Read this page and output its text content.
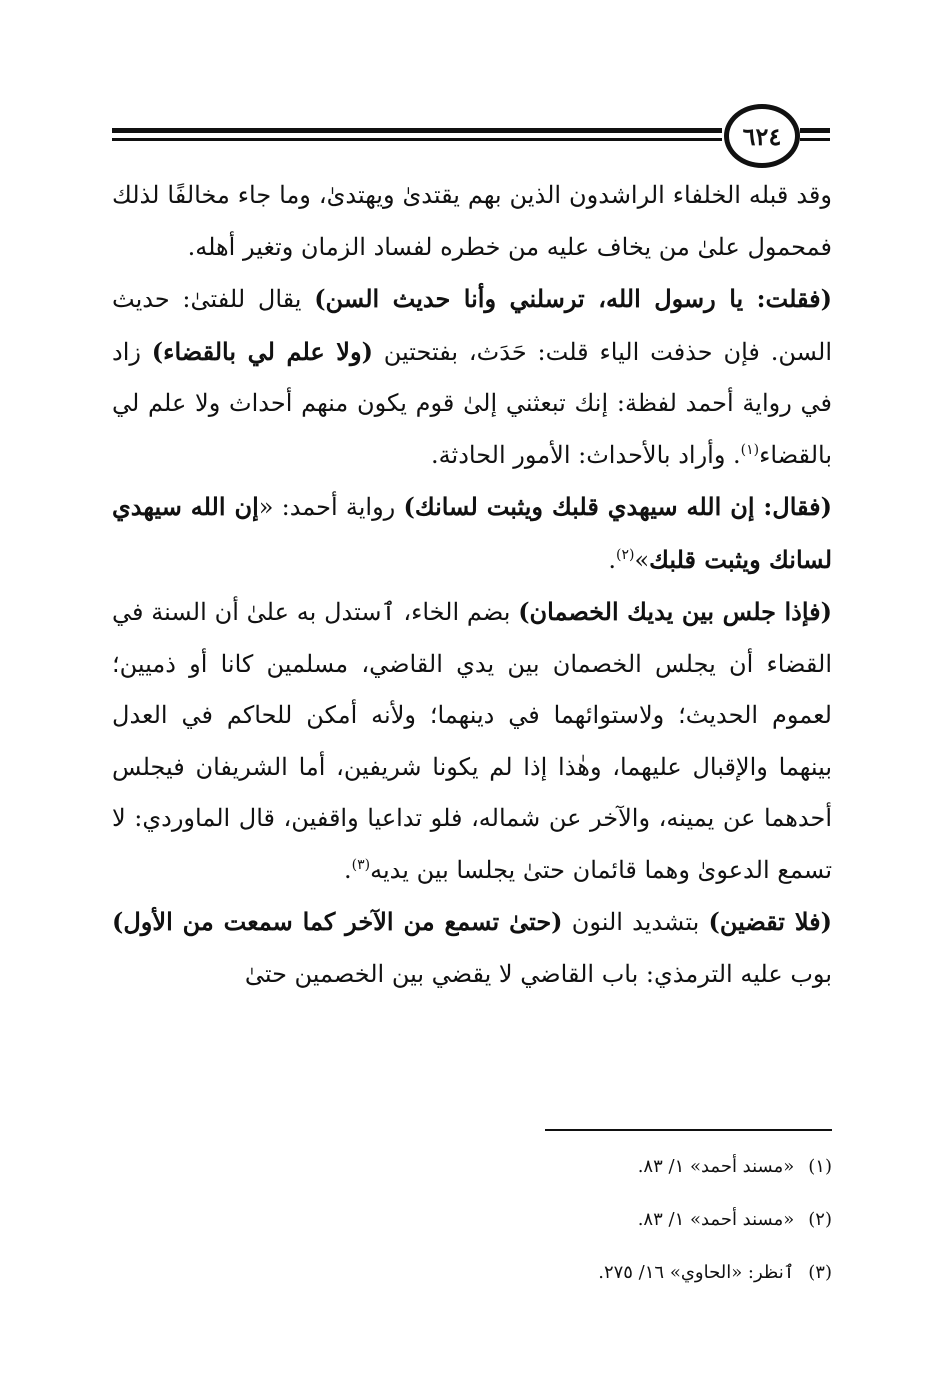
٦٢٤

وقد قبله الخلفاء الراشدون الذين بهم يقتدىٰ ويهتدىٰ، وما جاء مخالفًا لذلك فمحمول علىٰ من يخاف عليه من خطره لفساد الزمان وتغير أهله.

(فقلت: يا رسول الله، ترسلني وأنا حديث السن) يقال للفتىٰ: حديث السن. فإن حذفت الياء قلت: حَدَث، بفتحتين (ولا علم لي بالقضاء) زاد في رواية أحمد لفظة: إنك تبعثني إلىٰ قوم يكون منهم أحداث ولا علم لي بالقضاء$^{(١)}$. وأراد بالأحداث: الأمور الحادثة.

(فقال: إن الله سيهدي قلبك ويثبت لسانك) رواية أحمد: «إن الله سيهدي لسانك ويثبت قلبك»$^{(٢)}$.

(فإذا جلس بين يديك الخصمان) بضم الخاء، ٱستدل به علىٰ أن السنة في القضاء أن يجلس الخصمان بين يدي القاضي، مسلمين كانا أو ذميين؛ لعموم الحديث؛ ولاستوائهما في دينهما؛ ولأنه أمكن للحاكم في العدل بينهما والإقبال عليهما، وهٰذا إذا لم يكونا شريفين، أما الشريفان فيجلس أحدهما عن يمينه، والآخر عن شماله، فلو تداعيا واقفين، قال الماوردي: لا تسمع الدعوىٰ وهما قائمان حتىٰ يجلسا بين يديه$^{(٣)}$.

(فلا تقضين) بتشديد النون (حتىٰ تسمع من الآخر كما سمعت من الأول) بوب عليه الترمذي: باب القاضي لا يقضي بين الخصمين حتىٰ

(١)«مسند أحمد» ١/ ٨٣.
(٢)«مسند أحمد» ١/ ٨٣.
(٣)ٱنظر: «الحاوي» ١٦/ ٢٧٥.
